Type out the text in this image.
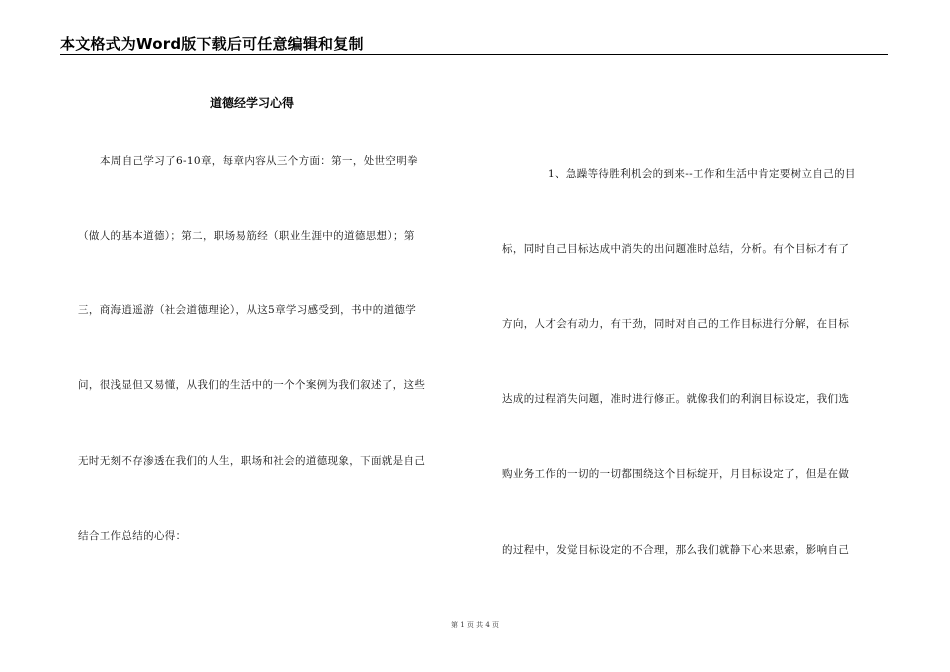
本文格式为Word版下载后可任意编辑和复制
道德经学习心得
本周自己学习了6-10章，每章内容从三个方面：第一，处世空明拳
（做人的基本道德）；第二，职场易筋经（职业生涯中的道德思想）；第
三，商海逍遥游（社会道德理论），从这5章学习感受到，书中的道德学
问，很浅显但又易懂，从我们的生活中的一个个案例为我们叙述了，这些
无时无刻不存渗透在我们的人生，职场和社会的道德现象，下面就是自己
结合工作总结的心得：
1、急躁等待胜利机会的到来--工作和生活中肯定要树立自己的目
标，同时自己目标达成中消失的出问题准时总结，分析。有个目标才有了
方向，人才会有动力，有干劲，同时对自己的工作目标进行分解，在目标
达成的过程消失问题，准时进行修正。就像我们的利润目标设定，我们选
购业务工作的一切的一切都围绕这个目标绽开，月目标设定了，但是在做
的过程中，发觉目标设定的不合理，那么我们就静下心来思索，影响自己
第 1 页 共 4 页
